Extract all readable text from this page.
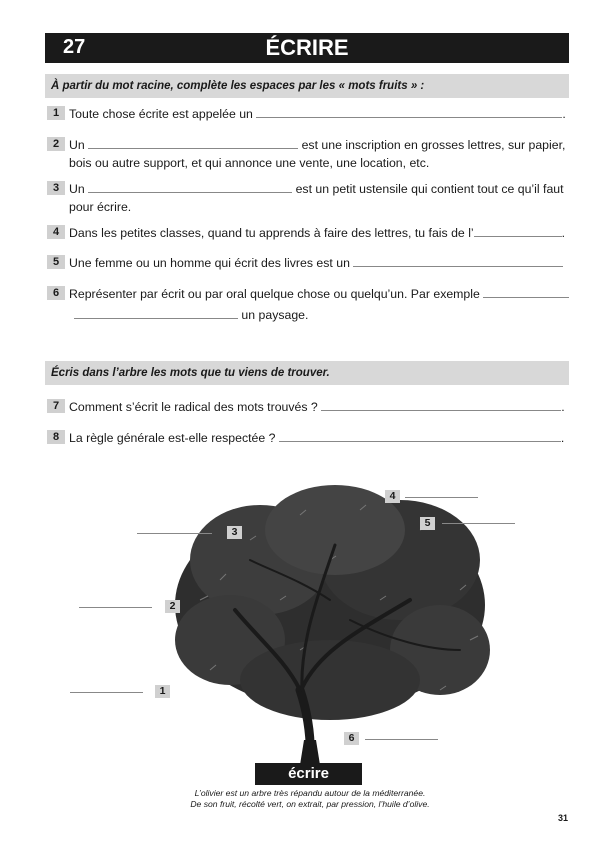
27	ÉCRIRE
À partir du mot racine, complète les espaces par les « mots fruits » :
1 Toute chose écrite est appelée un	.
2 Un	est une inscription en grosses lettres, sur papier,
bois ou autre support, et qui annonce une vente, une location, etc.
3 Un	est un petit ustensile qui contient tout ce qu’il faut
pour écrire.
4 Dans les petites classes, quand tu apprends à faire des lettres, tu fais de l’	.
5 Une femme ou un homme qui écrit des livres est un
6 Représenter par écrit ou par oral quelque chose ou quelqu’un. Par exemple
un paysage.
Écris dans l’arbre les mots que tu viens de trouver.
7 Comment s’écrit le radical des mots trouvés ?	.
8 La règle générale est-elle respectée ?	.
4
5
3
2
1
6
écrire
L’olivier est un arbre très répandu autour de la méditerranée.
De son fruit, récolté vert, on extrait, par pression, l’huile d’olive.
31
